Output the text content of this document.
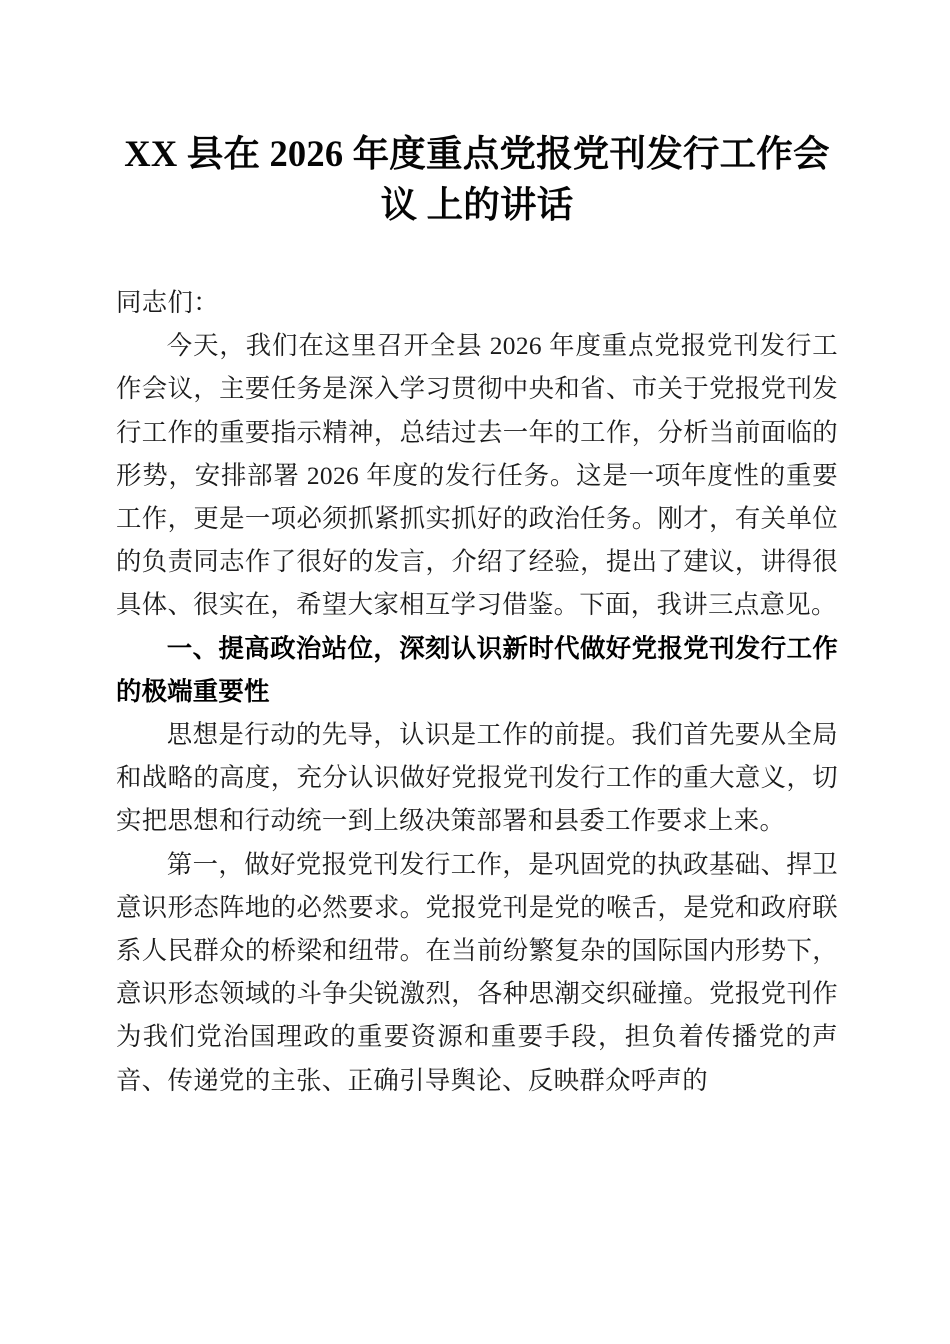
XX 县在 2026 年度重点党报党刊发行工作会议 上的讲话

同志们：

今天，我们在这里召开全县 2026 年度重点党报党刊发行工作会议，主要任务是深入学习贯彻中央和省、市关于党报党刊发行工作的重要指示精神，总结过去一年的工作，分析当前面临的形势，安排部署 2026 年度的发行任务。这是一项年度性的重要工作，更是一项必须抓紧抓实抓好的政治任务。刚才，有关单位的负责同志作了很好的发言，介绍了经验，提出了建议，讲得很具体、很实在，希望大家相互学习借鉴。下面，我讲三点意见。

一、提高政治站位，深刻认识新时代做好党报党刊发行工作的极端重要性

思想是行动的先导，认识是工作的前提。我们首先要从全局和战略的高度，充分认识做好党报党刊发行工作的重大意义，切实把思想和行动统一到上级决策部署和县委工作要求上来。

第一，做好党报党刊发行工作，是巩固党的执政基础、捍卫意识形态阵地的必然要求。党报党刊是党的喉舌，是党和政府联系人民群众的桥梁和纽带。在当前纷繁复杂的国际国内形势下，意识形态领域的斗争尖锐激烈，各种思潮交织碰撞。党报党刊作为我们党治国理政的重要资源和重要手段，担负着传播党的声音、传递党的主张、正确引导舆论、反映群众呼声的
